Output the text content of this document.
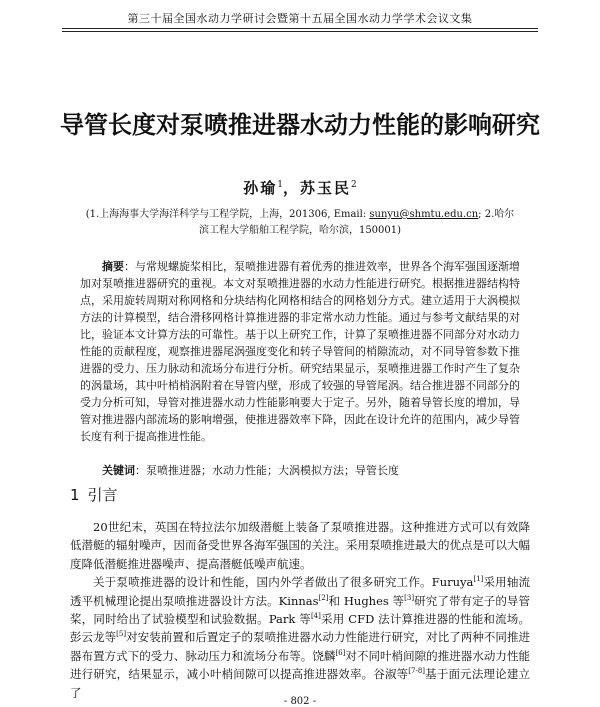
第三十届全国水动力学研讨会暨第十五届全国水动力学学术会议文集
导管长度对泵喷推进器水动力性能的影响研究
孙瑜$^1$，苏玉民$^2$
(1.上海海事大学海洋科学与工程学院，上海，201306, Email: sunyu@shmtu.edu.cn; 2.哈尔滨工程大学船舶工程学院，哈尔滨，150001)
摘要：与常规螺旋桨相比，泵喷推进器有着优秀的推进效率，世界各个海军强国逐渐增加对泵喷推进器研究的重视。本文对泵喷推进器的水动力性能进行研究。根据推进器结构特点，采用旋转周期对称网格和分块结构化网格相结合的网格划分方式。建立适用于大涡模拟方法的计算模型，结合滑移网格计算推进器的非定常水动力性能。通过与参考文献结果的对比，验证本文计算方法的可靠性。基于以上研究工作，计算了泵喷推进器不同部分对水动力性能的贡献程度，观察推进器尾涡强度变化和转子导管间的梢隙流动，对不同导管参数下推进器的受力、压力脉动和流场分布进行分析。研究结果显示，泵喷推进器工作时产生了复杂的涡量场，其中叶梢梢涡附着在导管内壁，形成了较强的导管尾涡。结合推进器不同部分的受力分析可知，导管对推进器水动力性能影响要大于定子。另外，随着导管长度的增加，导管对推进器内部流场的影响增强，使推进器效率下降，因此在设计允许的范围内，减少导管长度有利于提高推进性能。
关键词：泵喷推进器；水动力性能；大涡模拟方法；导管长度
1 引言

20世纪末，英国在特拉法尔加级潜艇上装备了泵喷推进器。这种推进方式可以有效降低潜艇的辐射噪声，因而备受世界各海军强国的关注。采用泵喷推进最大的优点是可以大幅度降低潜艇推进器噪声、提高潜艇低噪声航速。

关于泵喷推进器的设计和性能，国内外学者做出了很多研究工作。Furuya[1]采用轴流透平机械理论提出泵喷推进器设计方法。Kinnas[2]和 Hughes 等[3]研究了带有定子的导管桨，同时给出了试验模型和试验数据。Park 等[4]采用 CFD 法计算推进器的性能和流场。彭云龙等[5]对安装前置和后置定子的泵喷推进器水动力性能进行研究，对比了两种不同推进器布置方式下的受力、脉动压力和流场分布等。饶麟[6]对不同叶梢间隙的推进器水动力性能进行研究，结果显示，减小叶梢间隙可以提高推进器效率。谷淑等[7-8]基于面元法理论建立了

- 802 -
